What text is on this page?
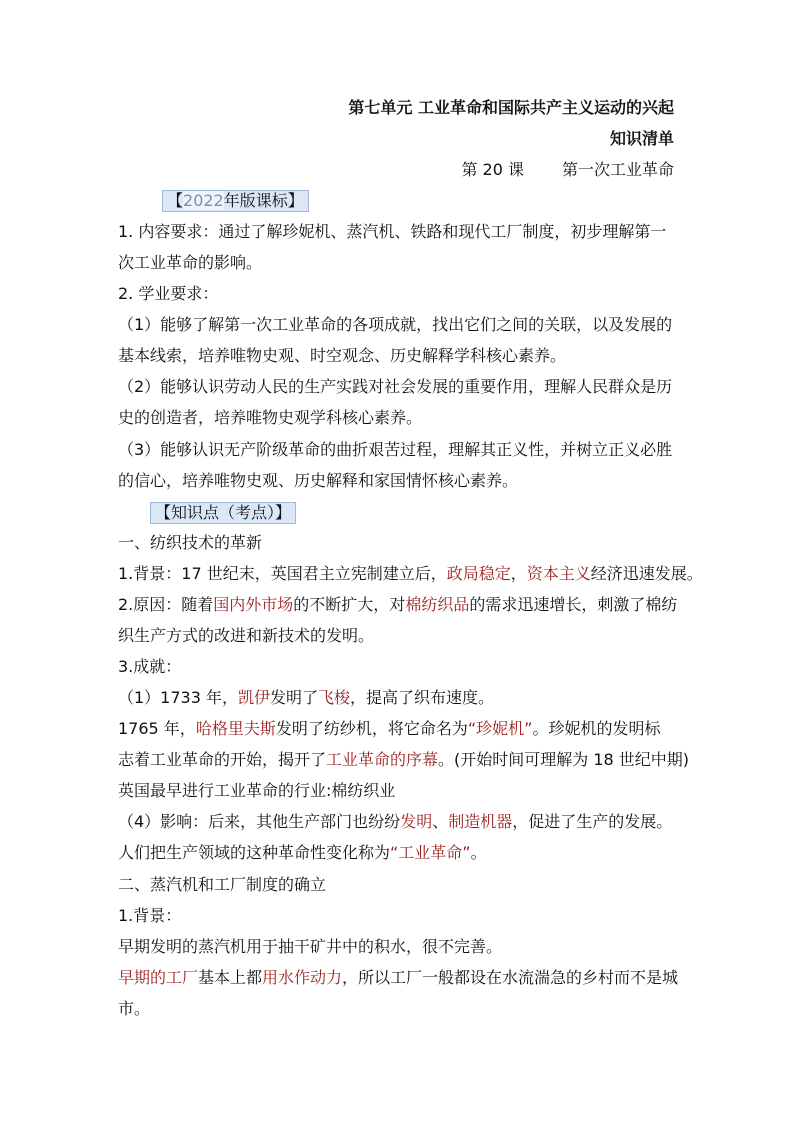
第七单元 工业革命和国际共产主义运动的兴起
知识清单
第 20 课 第一次工业革命
【2022年版课标】
1. 内容要求：通过了解珍妮机、蒸汽机、铁路和现代工厂制度，初步理解第一
次工业革命的影响。
2. 学业要求：
（1）能够了解第一次工业革命的各项成就，找出它们之间的关联，以及发展的
基本线索，培养唯物史观、时空观念、历史解释学科核心素养。
（2）能够认识劳动人民的生产实践对社会发展的重要作用，理解人民群众是历
史的创造者，培养唯物史观学科核心素养。
（3）能够认识无产阶级革命的曲折艰苦过程，理解其正义性，并树立正义必胜
的信心，培养唯物史观、历史解释和家国情怀核心素养。
【知识点（考点）】
一、纺织技术的革新
1.背景：17 世纪末，英国君主立宪制建立后，政局稳定，资本主义经济迅速发展。
2.原因：随着国内外市场的不断扩大，对棉纺织品的需求迅速增长，刺激了棉纺
织生产方式的改进和新技术的发明。
3.成就：
（1）1733 年，凯伊发明了飞梭，提高了织布速度。
1765 年，哈格里夫斯发明了纺纱机，将它命名为“珍妮机”。珍妮机的发明标
志着工业革命的开始，揭开了工业革命的序幕。(开始时间可理解为 18 世纪中期)
英国最早进行工业革命的行业:棉纺织业
（4）影响：后来，其他生产部门也纷纷发明、制造机器，促进了生产的发展。
人们把生产领域的这种革命性变化称为“工业革命”。
二、蒸汽机和工厂制度的确立
1.背景：
早期发明的蒸汽机用于抽干矿井中的积水，很不完善。
早期的工厂基本上都用水作动力，所以工厂一般都设在水流湍急的乡村而不是城
市。
